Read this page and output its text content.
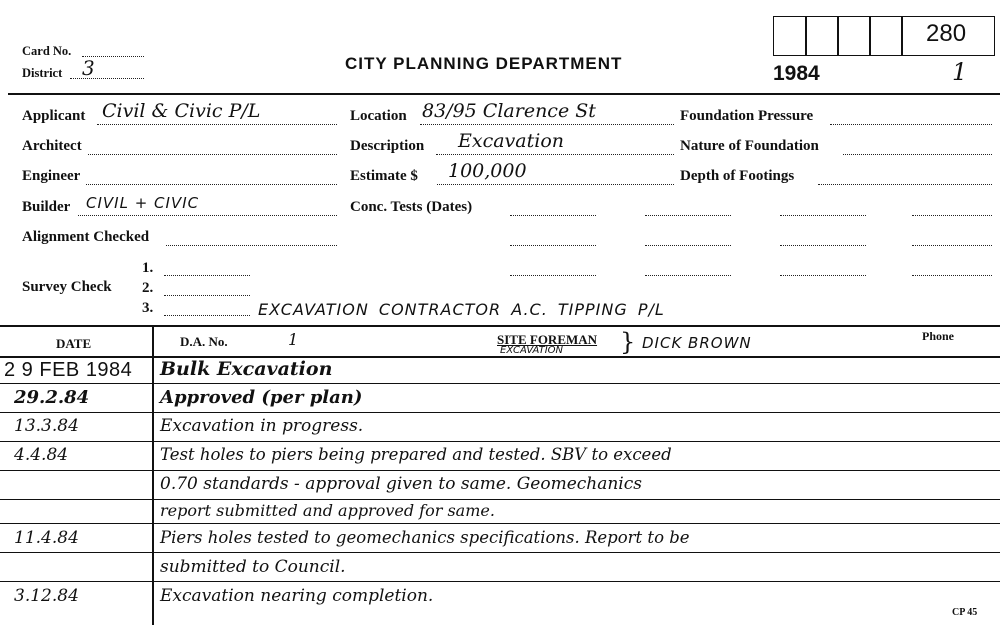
Card No.
District 3	CITY PLANNING DEPARTMENT
280
1984	1
Applicant Civil & Civic P/L
Architect
Engineer
Builder CIVIL + CIVIC
Alignment Checked
Survey Check
1.
2.
3.
Location 83/95 Clarence St
Description Excavation
Estimate $ 100,000
Conc. Tests (Dates)
Foundation Pressure
Nature of Foundation
Depth of Footings
EXCAVATION CONTRACTOR A.C. TIPPING P/L
DATE	D.A. No.	1	SITE FOREMAN
EXCAVATION } DICK BROWN	Phone
2 9 FEB 1984 Bulk Excavation
29.2.84	Approved (per plan)
13.3.84	Excavation in progress.
4.4.84	Test holes to piers being prepared and tested. SBV to exceed
0.70 standards - approval given to same. Geomechanics
report submitted and approved for same.
11.4.84	Piers holes tested to geomechanics specifications. Report to be
submitted to Council.
3.12.84	Excavation nearing completion.
CP 45
